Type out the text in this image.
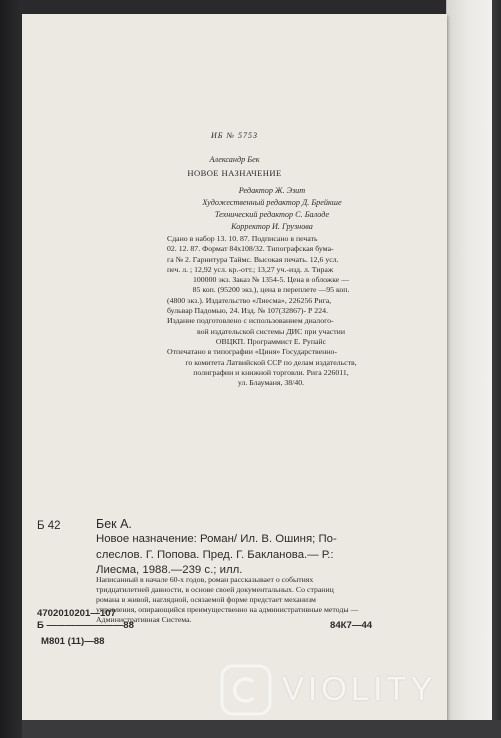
ИБ № 5753
Александр Бек
НОВОЕ НАЗНАЧЕНИЕ
Редактор Ж. Эзит
Художественный редактор Д. Брейкше
Технический редактор С. Балоде
Корректор И. Грузнова
Сдано в набор 13. 10. 87. Подписано в печать
02. 12. 87. Формат 84x108/32. Типографская бума-
га № 2. Гарнитура Таймс. Высокая печать. 12,6 усл.
печ. л. ; 12,92 усл. кр.-отт.; 13,27 уч.-изд. л. Тираж
100000 экз. Заказ № 1354-5. Цена в обложке —
85 коп. (95200 экз.), цена в переплете —95 коп.
(4800 экз.). Издательство «Лиесма», 226256 Рига,
бульвар Падомью, 24. Изд. № 107(32867)- Р 224.
Издание подготовлено с использованием диалого-
вой издательской системы ДИС при участии
ОВЦКП. Программист Е. Рупайс
Отпечатано в типографии «Циня» Государственно-
го комитета Латвийской ССР по делам издательств,
полиграфии и книжной торговли. Рига 226011,
ул. Блауманя, 38/40.
Б 42	Бек А.
Новое назначение: Роман/ Ил. В. Ошиня; По-
слеслов. Г. Попова. Пред. Г. Бакланова.— Р.:
Лиесма, 1988.—239 с.; илл.
Написанный в начале 60-х годов, роман рассказывает о событиях
тридцатилетней давности, в основе своей документальных. Со страниц
романа в живой, наглядной, осязаемой форме предстает механизм
управления, опирающийся преимущественно на административные методы —
Административная Система.
4702010201—107
Б ————————88
М801 (11)—88
84К7—44
VIOLITY
